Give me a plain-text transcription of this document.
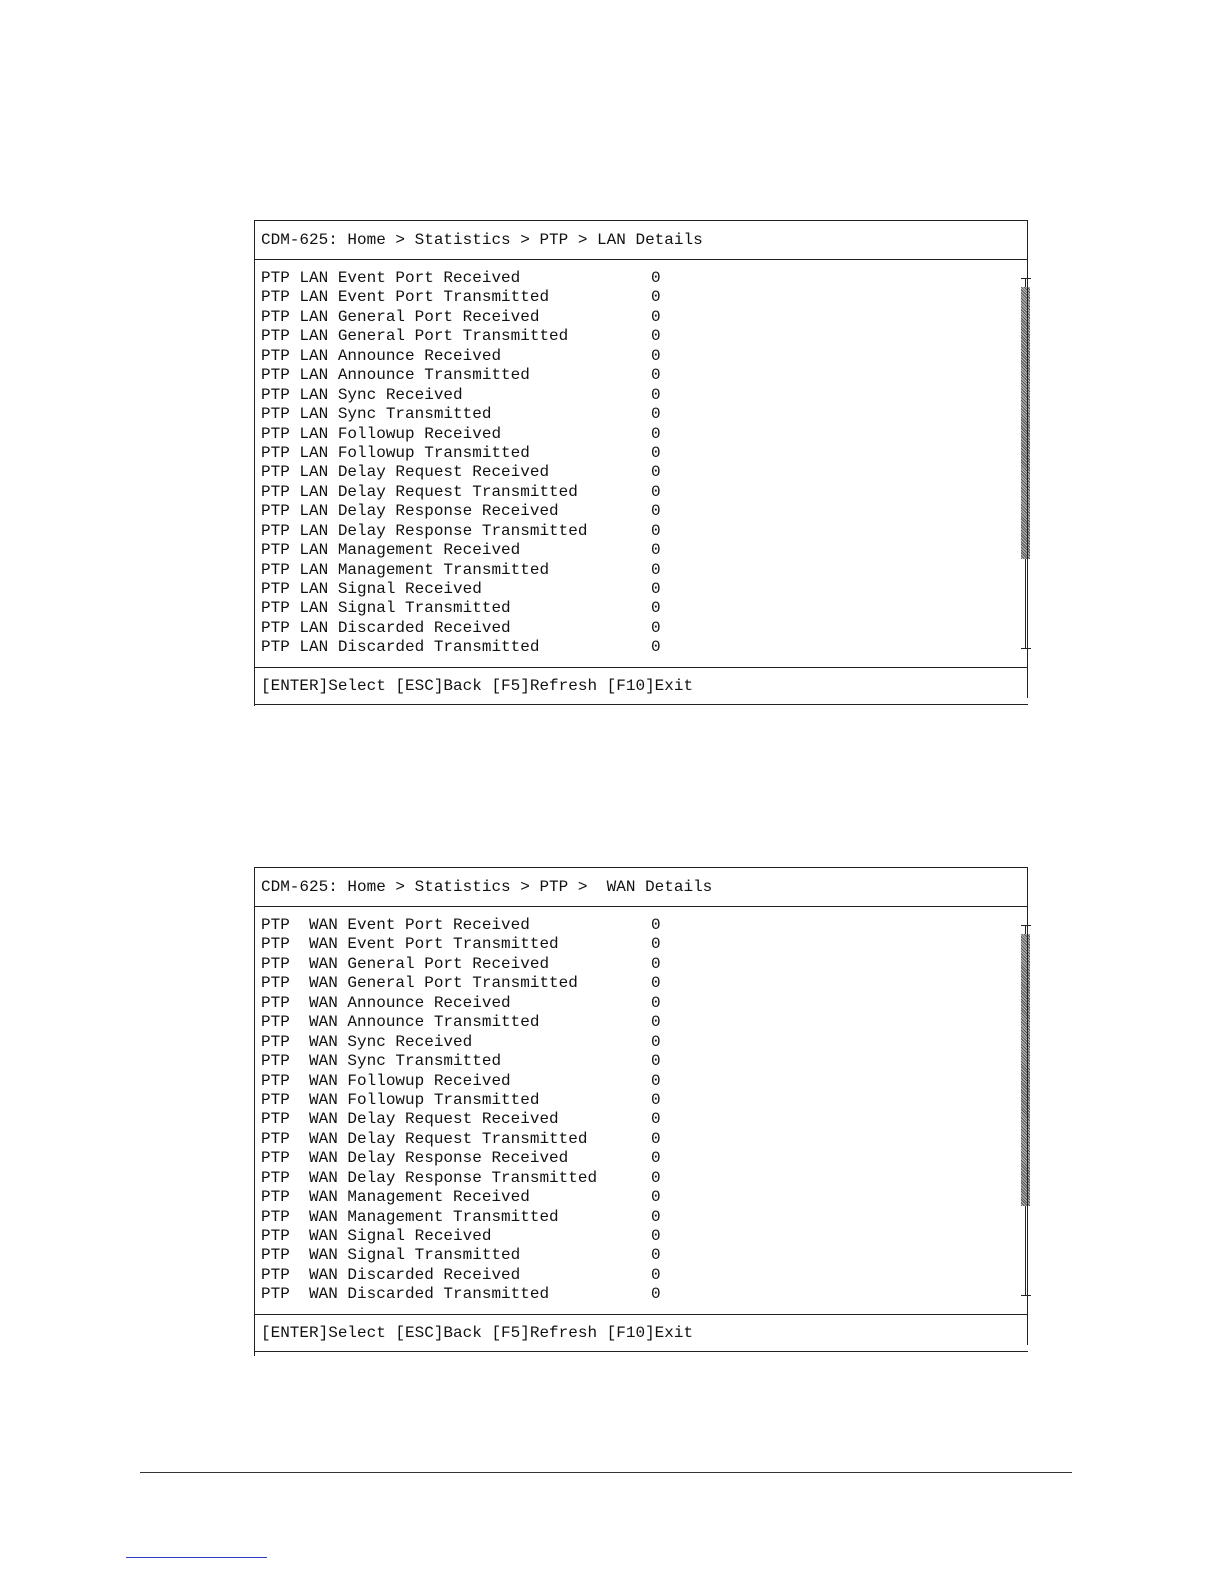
CDM-625: Home > Statistics > PTP > LAN Details
PTP LAN Event Port Received	0
PTP LAN Event Port Transmitted	0
PTP LAN General Port Received	0
PTP LAN General Port Transmitted	0
PTP LAN Announce Received	0
PTP LAN Announce Transmitted	0
PTP LAN Sync Received	0
PTP LAN Sync Transmitted	0
PTP LAN Followup Received	0
PTP LAN Followup Transmitted	0
PTP LAN Delay Request Received	0
PTP LAN Delay Request Transmitted	0
PTP LAN Delay Response Received	0
PTP LAN Delay Response Transmitted	0
PTP LAN Management Received	0
PTP LAN Management Transmitted	0
PTP LAN Signal Received	0
PTP LAN Signal Transmitted	0
PTP LAN Discarded Received	0
PTP LAN Discarded Transmitted	0
[ENTER]Select [ESC]Back [F5]Refresh [F10]Exit
CDM-625: Home > Statistics > PTP >  WAN Details
PTP  WAN Event Port Received	0
PTP  WAN Event Port Transmitted	0
PTP  WAN General Port Received	0
PTP  WAN General Port Transmitted	0
PTP  WAN Announce Received	0
PTP  WAN Announce Transmitted	0
PTP  WAN Sync Received	0
PTP  WAN Sync Transmitted	0
PTP  WAN Followup Received	0
PTP  WAN Followup Transmitted	0
PTP  WAN Delay Request Received	0
PTP  WAN Delay Request Transmitted	0
PTP  WAN Delay Response Received	0
PTP  WAN Delay Response Transmitted	0
PTP  WAN Management Received	0
PTP  WAN Management Transmitted	0
PTP  WAN Signal Received	0
PTP  WAN Signal Transmitted	0
PTP  WAN Discarded Received	0
PTP  WAN Discarded Transmitted	0
[ENTER]Select [ESC]Back [F5]Refresh [F10]Exit
